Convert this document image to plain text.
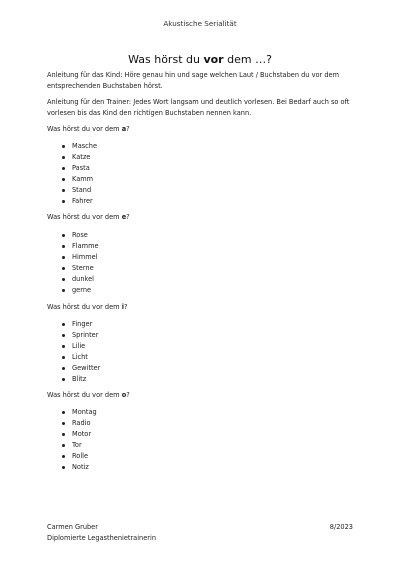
Akustische Serialität
Was hörst du vor dem …?
Anleitung für das Kind: Höre genau hin und sage welchen Laut / Buchstaben du vor dem entsprechenden Buchstaben hörst.
Anleitung für den Trainer: Jedes Wort langsam und deutlich vorlesen. Bei Bedarf auch so oft vorlesen bis das Kind den richtigen Buchstaben nennen kann.
Was hörst du vor dem a?
Masche
Katze
Pasta
Kamm
Stand
Fahrer
Was hörst du vor dem e?
Rose
Flamme
Himmel
Sterne
dunkel
gerne
Was hörst du vor dem i?
Finger
Sprinter
Lilie
Licht
Gewitter
Blitz
Was hörst du vor dem o?
Montag
Radio
Motor
Tor
Rolle
Notiz
Carmen Gruber
Diplomierte Legasthenietrainerin
8/2023
